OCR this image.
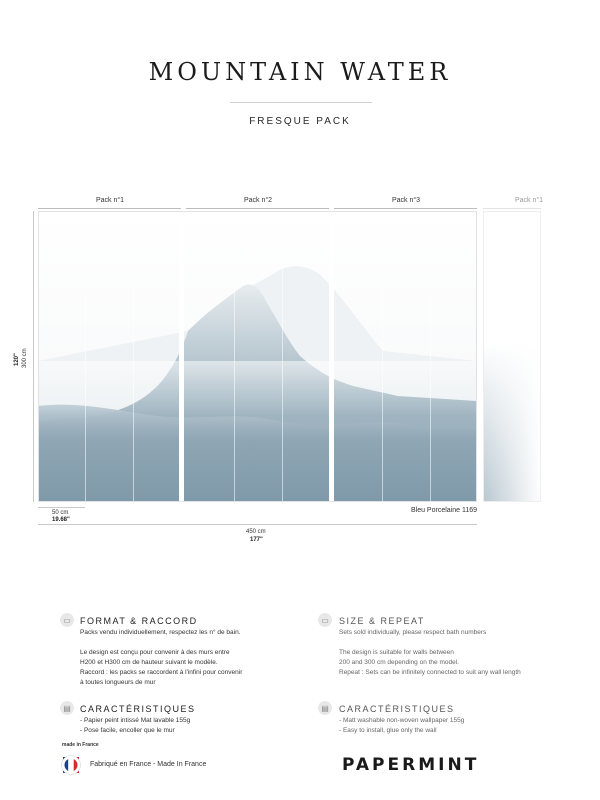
MOUNTAIN WATER
FRESQUE PACK
Pack n°1	Pack n°2	Pack n°3	Pack n°1
120" 300 cm
50 cm
19.68"
Bleu Porcelaine 1169
450 cm
177"
▭	FORMAT & RACCORD
Packs vendu individuellement, respectez les n° de bain.
Le design est conçu pour convenir à des murs entre
H200 et H300 cm de hauteur suivant le modèle.
Raccord : les packs se raccordent à l'infini pour convenir
à toutes longueurs de mur
▭	SIZE & REPEAT
Sets sold individually, please respect bath numbers
The design is suitable for walls between
200 and 300 cm depending on the model.
Repeat : Sets can be infinitely connected to suit any wall length
▤	CARACTÉRISTIQUES
- Papier peint intissé Mat lavable 155g
- Pose facile, encoller que le mur
▤	CARACTÉRISTIQUES
- Matt washable non-woven wallpaper 155g
- Easy to install, glue only the wall
made in France
Fabriqué en France - Made In France	PAPERMINT
